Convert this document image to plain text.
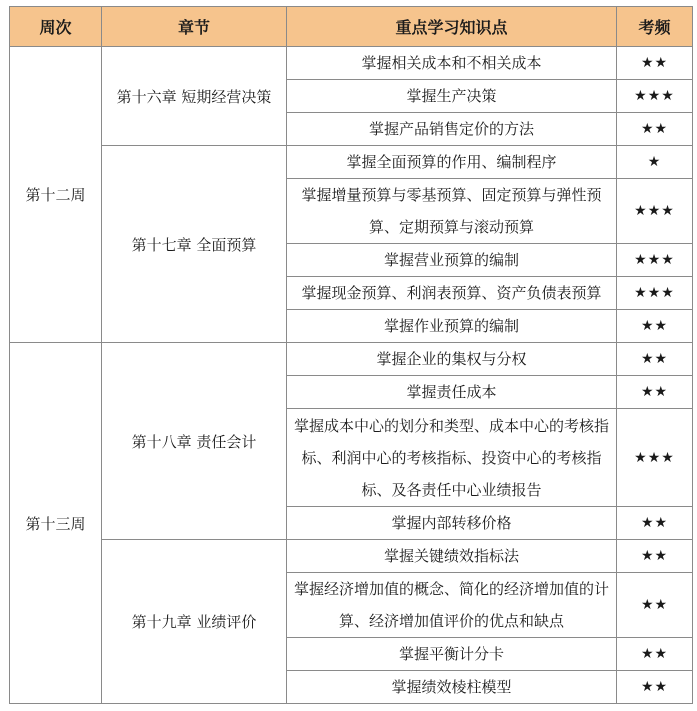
周次	章节	重点学习知识点	考频
第十二周	第十六章 短期经营决策	掌握相关成本和不相关成本	★★
		掌握生产决策	★★★
		掌握产品销售定价的方法	★★
	第十七章 全面预算	掌握全面预算的作用、编制程序	★
		掌握增量预算与零基预算、固定预算与弹性预算、定期预算与滚动预算	★★★
		掌握营业预算的编制	★★★
		掌握现金预算、利润表预算、资产负债表预算	★★★
		掌握作业预算的编制	★★
第十三周	第十八章 责任会计	掌握企业的集权与分权	★★
		掌握责任成本	★★
		掌握成本中心的划分和类型、成本中心的考核指标、利润中心的考核指标、投资中心的考核指标、及各责任中心业绩报告	★★★
		掌握内部转移价格	★★
	第十九章 业绩评价	掌握关键绩效指标法	★★
		掌握经济增加值的概念、简化的经济增加值的计算、经济增加值评价的优点和缺点	★★
		掌握平衡计分卡	★★
		掌握绩效棱柱模型	★★
